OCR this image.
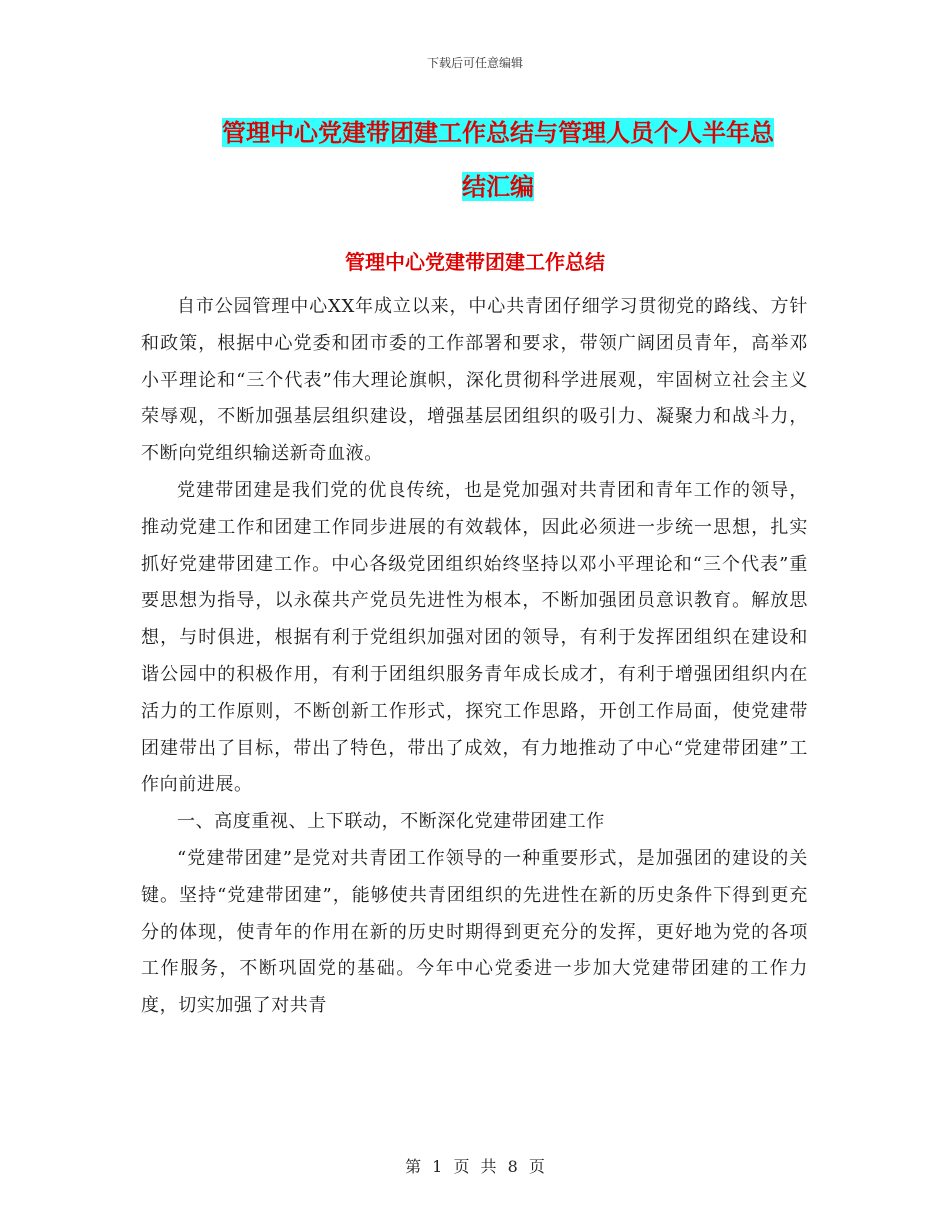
下载后可任意编辑
管理中心党建带团建工作总结与管理人员个人半年总
结汇编
管理中心党建带团建工作总结

自市公园管理中心XX年成立以来，中心共青团仔细学习贯彻党的路线、方针和政策，根据中心党委和团市委的工作部署和要求，带领广阔团员青年，高举邓小平理论和“三个代表”伟大理论旗帜，深化贯彻科学进展观，牢固树立社会主义荣辱观，不断加强基层组织建设，增强基层团组织的吸引力、凝聚力和战斗力，不断向党组织输送新奇血液。

党建带团建是我们党的优良传统，也是党加强对共青团和青年工作的领导，推动党建工作和团建工作同步进展的有效载体，因此必须进一步统一思想，扎实抓好党建带团建工作。中心各级党团组织始终坚持以邓小平理论和“三个代表”重要思想为指导，以永葆共产党员先进性为根本，不断加强团员意识教育。解放思想，与时俱进，根据有利于党组织加强对团的领导，有利于发挥团组织在建设和谐公园中的积极作用，有利于团组织服务青年成长成才，有利于增强团组织内在活力的工作原则，不断创新工作形式，探究工作思路，开创工作局面，使党建带团建带出了目标，带出了特色，带出了成效，有力地推动了中心“党建带团建”工作向前进展。

一、高度重视、上下联动，不断深化党建带团建工作

“党建带团建”是党对共青团工作领导的一种重要形式，是加强团的建设的关键。坚持“党建带团建”，能够使共青团组织的先进性在新的历史条件下得到更充分的体现，使青年的作用在新的历史时期得到更充分的发挥，更好地为党的各项工作服务，不断巩固党的基础。今年中心党委进一步加大党建带团建的工作力度，切实加强了对共青

第 1 页 共 8 页
